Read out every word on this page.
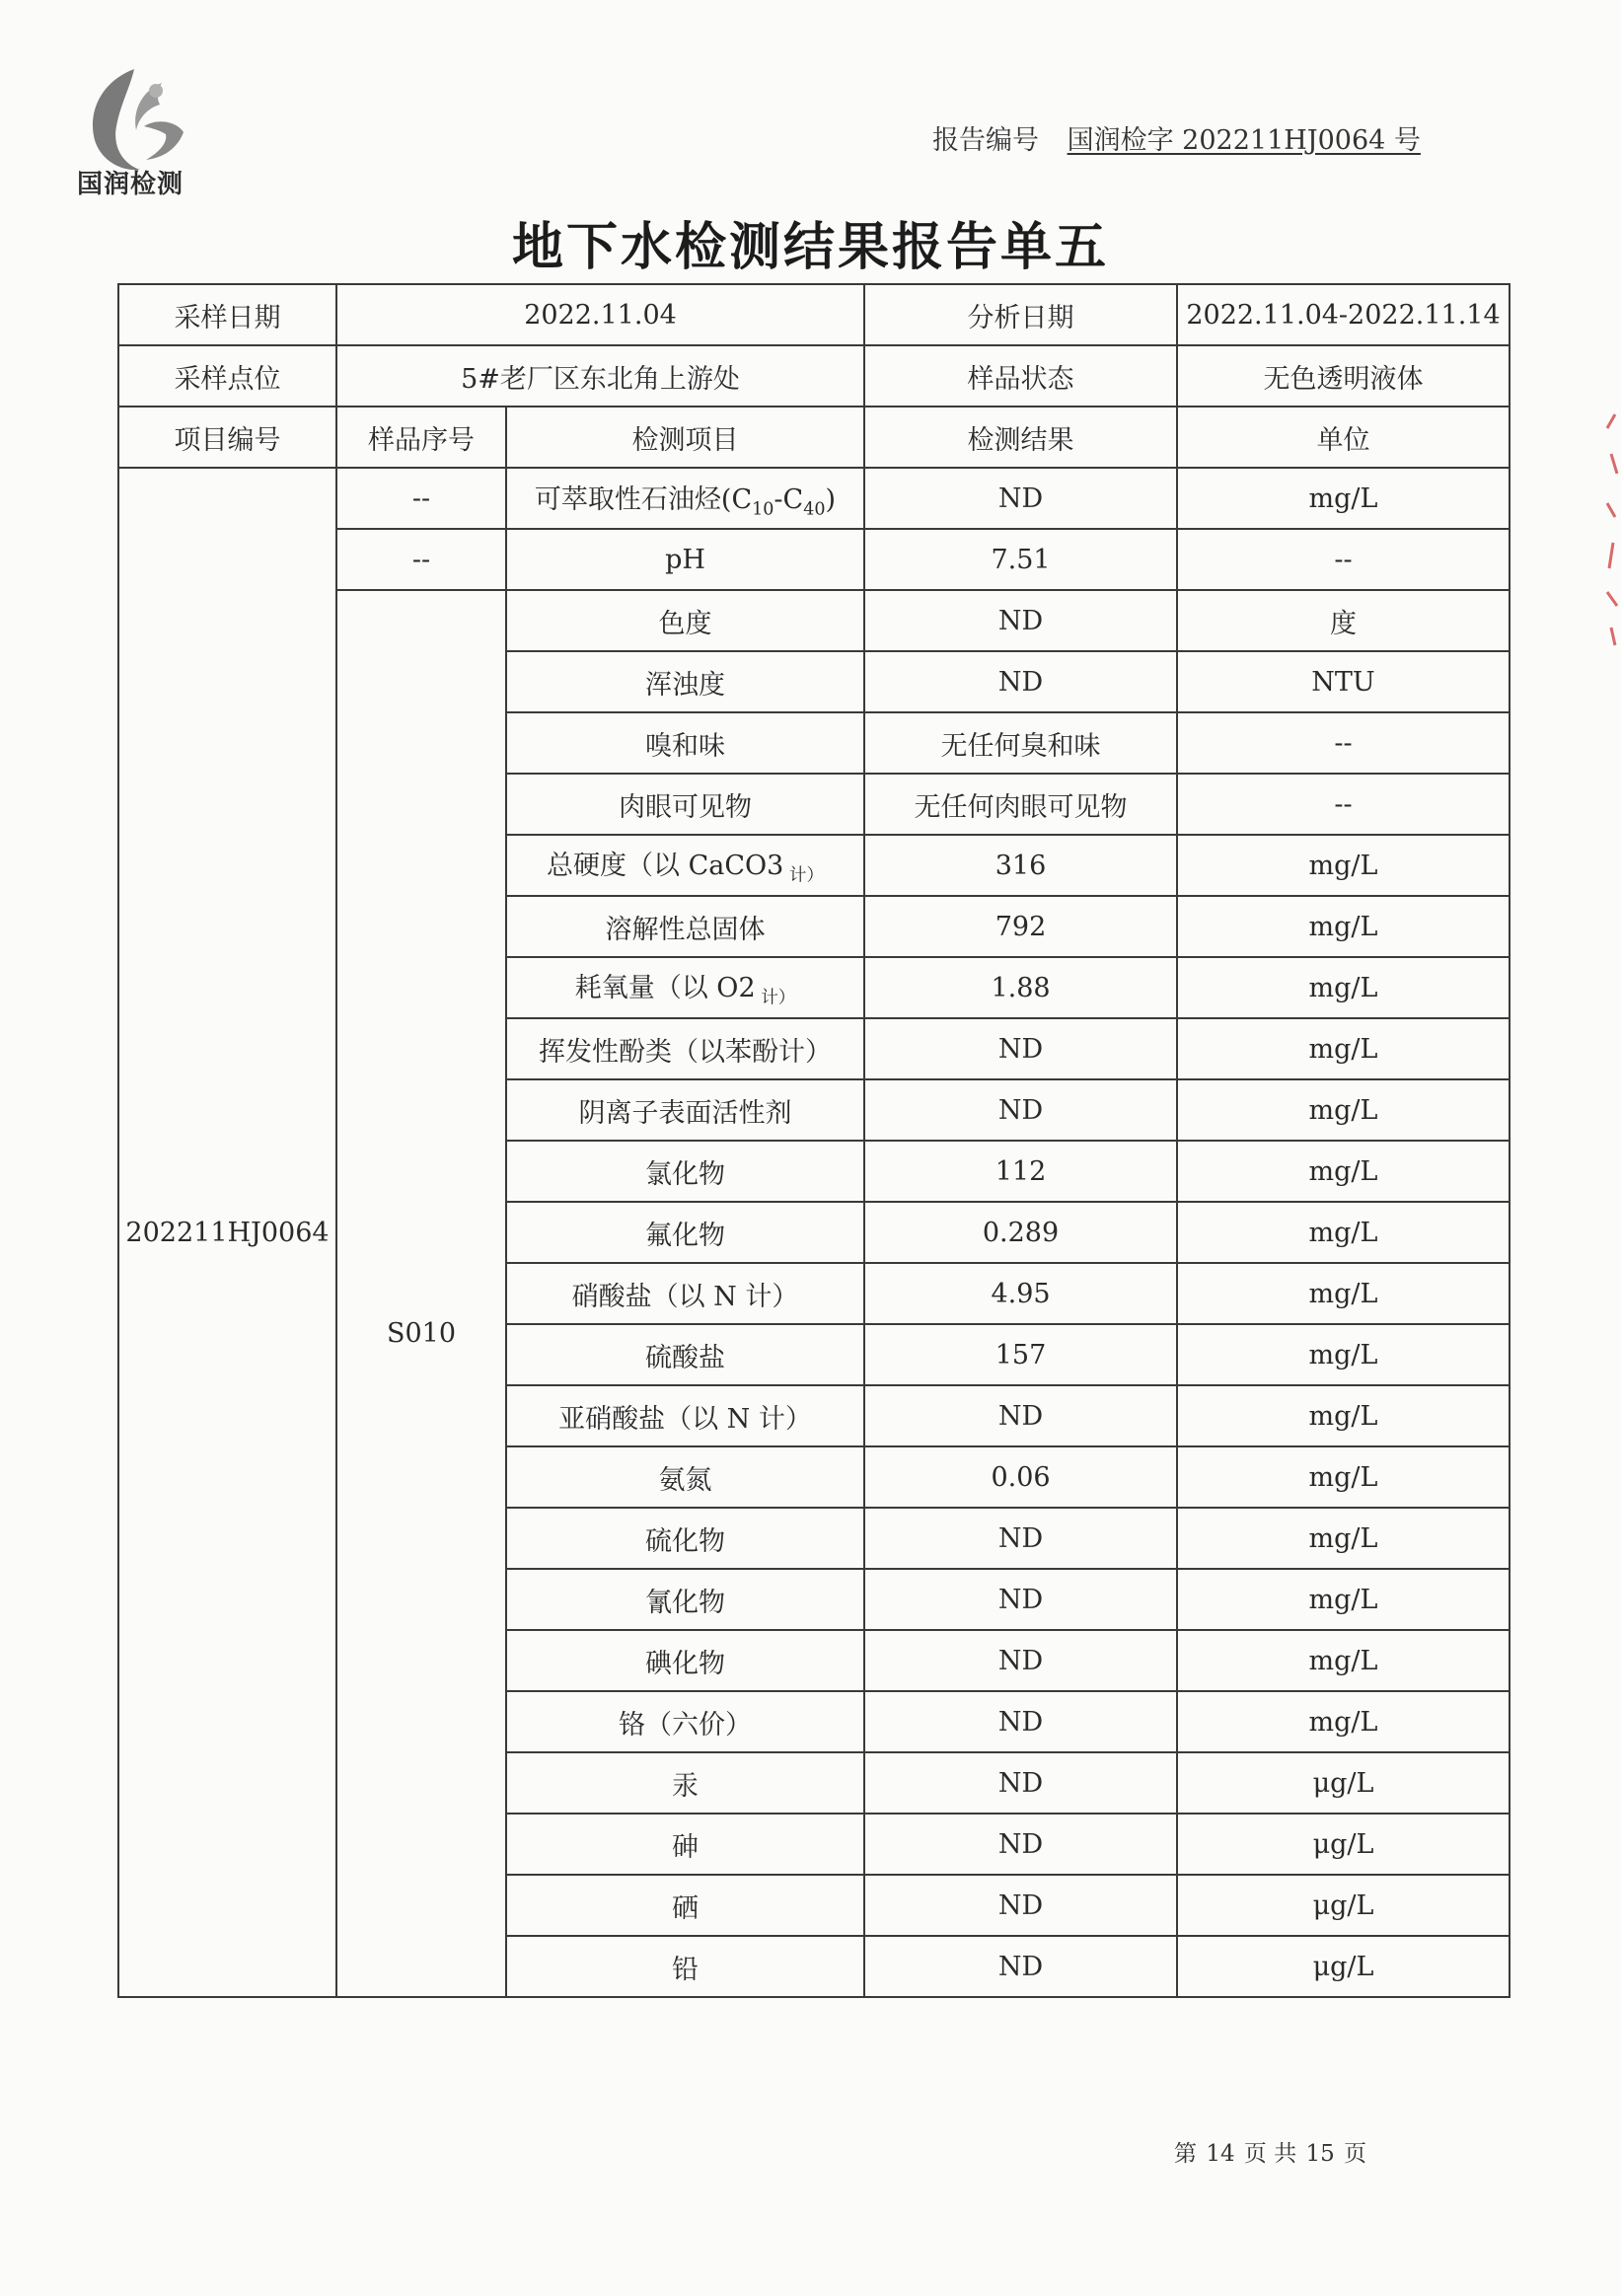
国润检测
报告编号 国润检字 202211HJ0064 号
地下水检测结果报告单五
采样日期	2022.11.04		分析日期	2022.11.04-2022.11.14
采样点位	5#老厂区东北角上游处		样品状态	无色透明液体
项目编号	样品序号	检测项目	检测结果	单位
202211HJ0064	--	可萃取性石油烃$(C_{10}-C_{40})$	ND	mg/L
	--	pH	7.51	--
	S010	色度	ND	度
		浑浊度	ND	NTU
		嗅和味	无任何臭和味	--
		肉眼可见物	无任何肉眼可见物	--
		总硬度（以 CaCO3 $_{计)}$	316	mg/L
		溶解性总固体	792	mg/L
		耗氧量（以 O2 $_{计)}$	1.88	mg/L
		挥发性酚类（以苯酚计）	ND	mg/L
		阴离子表面活性剂	ND	mg/L
		氯化物	112	mg/L
		氟化物	0.289	mg/L
		硝酸盐（以 N 计）	4.95	mg/L
		硫酸盐	157	mg/L
		亚硝酸盐（以 N 计）	ND	mg/L
		氨氮	0.06	mg/L
		硫化物	ND	mg/L
		氰化物	ND	mg/L
		碘化物	ND	mg/L
		铬（六价）	ND	mg/L
		汞	ND	μg/L
		砷	ND	μg/L
		硒	ND	μg/L
		铅	ND	μg/L
第 14 页 共 15 页
